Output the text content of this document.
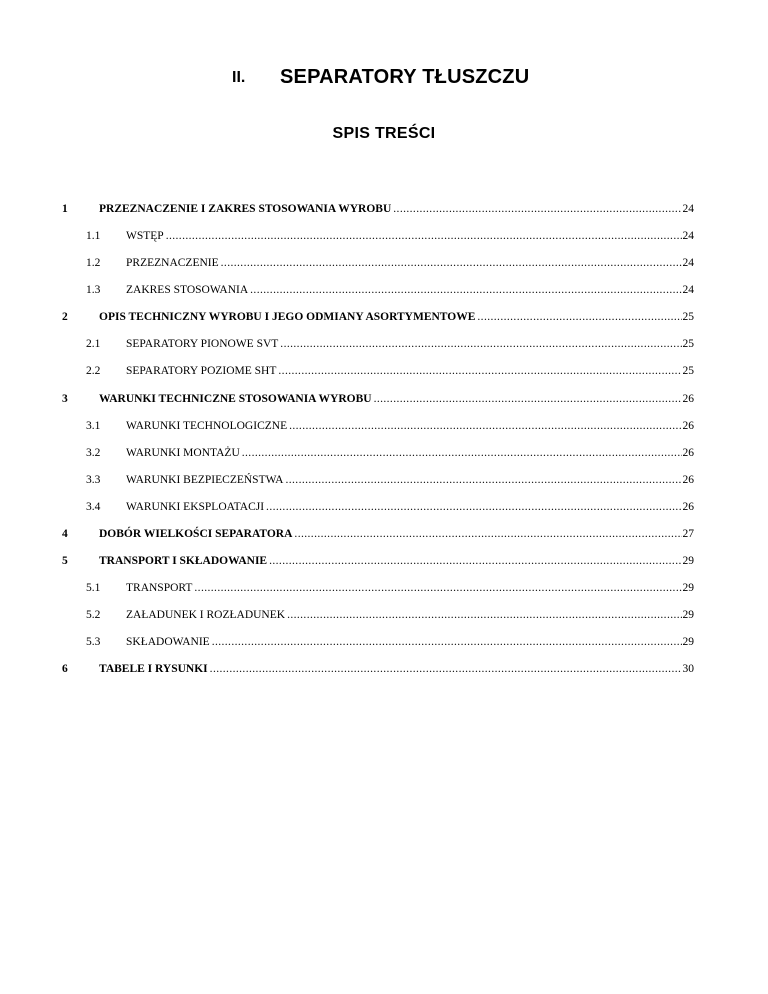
II. SEPARATORY TŁUSZCZU
SPIS TREŚCI
1	PRZEZNACZENIE I ZAKRES STOSOWANIA WYROBU .....	24
1.1 WSTĘP .....	24
1.2 PRZEZNACZENIE .....	24
1.3 ZAKRES STOSOWANIA .....	24
2	OPIS TECHNICZNY WYROBU I JEGO ODMIANY ASORTYMENTOWE .....	25
2.1 SEPARATORY PIONOWE SVT .....	25
2.2 SEPARATORY POZIOME SHT .....	25
3	WARUNKI TECHNICZNE STOSOWANIA WYROBU .....	26
3.1 WARUNKI TECHNOLOGICZNE .....	26
3.2 WARUNKI MONTAŻU .....	26
3.3 WARUNKI BEZPIECZEŃSTWA .....	26
3.4 WARUNKI EKSPLOATACJI .....	26
4	DOBÓR WIELKOŚCI SEPARATORA .....	27
5	TRANSPORT I SKŁADOWANIE .....	29
5.1 TRANSPORT .....	29
5.2 ZAŁADUNEK I ROZŁADUNEK .....	29
5.3 SKŁADOWANIE .....	29
6	TABELE I RYSUNKI .....	30
